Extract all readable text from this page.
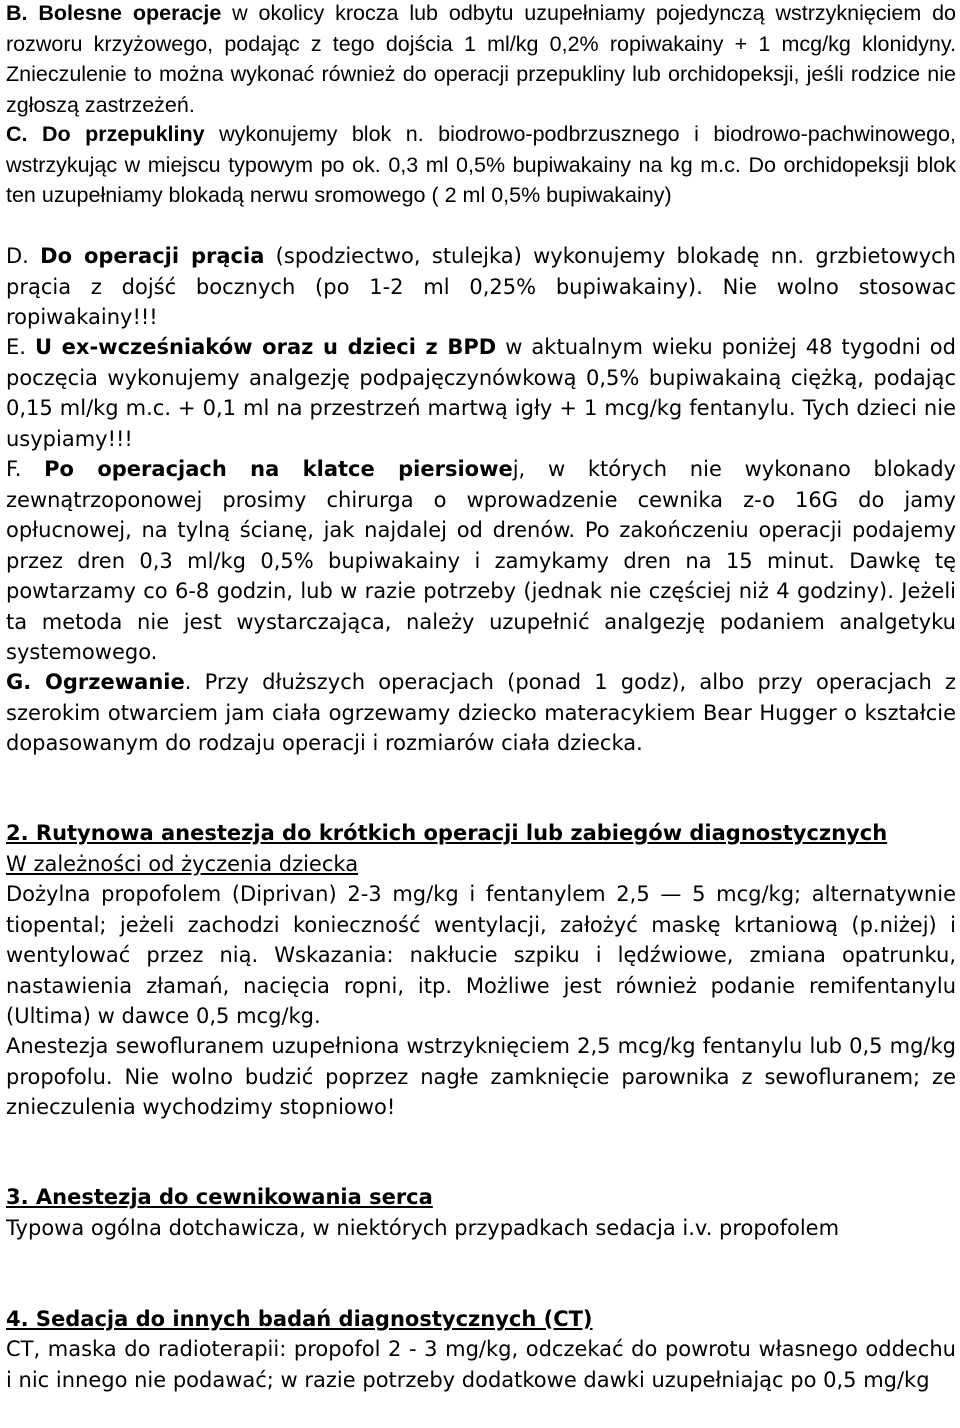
B. Bolesne operacje w okolicy krocza lub odbytu uzupełniamy pojedynczą wstrzyknięciem do rozworu krzyżowego, podając z tego dojścia 1 ml/kg 0,2% ropiwakainy + 1 mcg/kg klonidyny. Znieczulenie to można wykonać również do operacji przepukliny lub orchidopeksji, jeśli rodzice nie zgłoszą zastrzeżeń.

C. Do przepukliny wykonujemy blok n. biodrowo-podbrzusznego i biodrowo-pachwinowego, wstrzykując w miejscu typowym po ok. 0,3 ml 0,5% bupiwakainy na kg m.c. Do orchidopeksji blok ten uzupełniamy blokadą nerwu sromowego ( 2 ml 0,5% bupiwakainy)

D. Do operacji prącia (spodziectwo, stulejka) wykonujemy blokadę nn. grzbietowych prącia z dojść bocznych (po 1-2 ml 0,25% bupiwakainy). Nie wolno stosowac ropiwakainy!!!

E. U ex-wcześniaków oraz u dzieci z BPD w aktualnym wieku poniżej 48 tygodni od poczęcia wykonujemy analgezję podpajęczynówkową 0,5% bupiwakainą ciężką, podając 0,15 ml/kg m.c. + 0,1 ml na przestrzeń martwą igły + 1 mcg/kg fentanylu. Tych dzieci nie usypiamy!!!

F. Po operacjach na klatce piersiowej, w których nie wykonano blokady zewnątrzoponowej prosimy chirurga o wprowadzenie cewnika z-o 16G do jamy opłucnowej, na tylną ścianę, jak najdalej od drenów. Po zakończeniu operacji podajemy przez dren 0,3 ml/kg 0,5% bupiwakainy i zamykamy dren na 15 minut. Dawkę tę powtarzamy co 6-8 godzin, lub w razie potrzeby (jednak nie częściej niż 4 godziny). Jeżeli ta metoda nie jest wystarczająca, należy uzupełnić analgezję podaniem analgetyku systemowego.

G. Ogrzewanie. Przy dłuższych operacjach (ponad 1 godz), albo przy operacjach z szerokim otwarciem jam ciała ogrzewamy dziecko materacykiem Bear Hugger o kształcie dopasowanym do rodzaju operacji i rozmiarów ciała dziecka.

2. Rutynowa anestezja do krótkich operacji lub zabiegów diagnostycznych

W zależności od życzenia dziecka

Dożylna propofolem (Diprivan) 2-3 mg/kg i fentanylem 2,5 — 5 mcg/kg; alternatywnie tiopental; jeżeli zachodzi konieczność wentylacji, założyć maskę krtaniową (p.niżej) i wentylować przez nią. Wskazania: nakłucie szpiku i lędźwiowe, zmiana opatrunku, nastawienia złamań, nacięcia ropni, itp. Możliwe jest również podanie remifentanylu (Ultima) w dawce 0,5 mcg/kg.

Anestezja sewofluranem uzupełniona wstrzyknięciem 2,5 mcg/kg fentanylu lub 0,5 mg/kg propofolu. Nie wolno budzić poprzez nagłe zamknięcie parownika z sewofluranem; ze znieczulenia wychodzimy stopniowo!

3. Anestezja do cewnikowania serca

Typowa ogólna dotchawicza, w niektórych przypadkach sedacja i.v. propofolem

4. Sedacja do innych badań diagnostycznych (CT)

CT, maska do radioterapii: propofol 2 - 3 mg/kg, odczekać do powrotu własnego oddechu i nic innego nie podawać; w razie potrzeby dodatkowe dawki uzupełniając po 0,5 mg/kg
